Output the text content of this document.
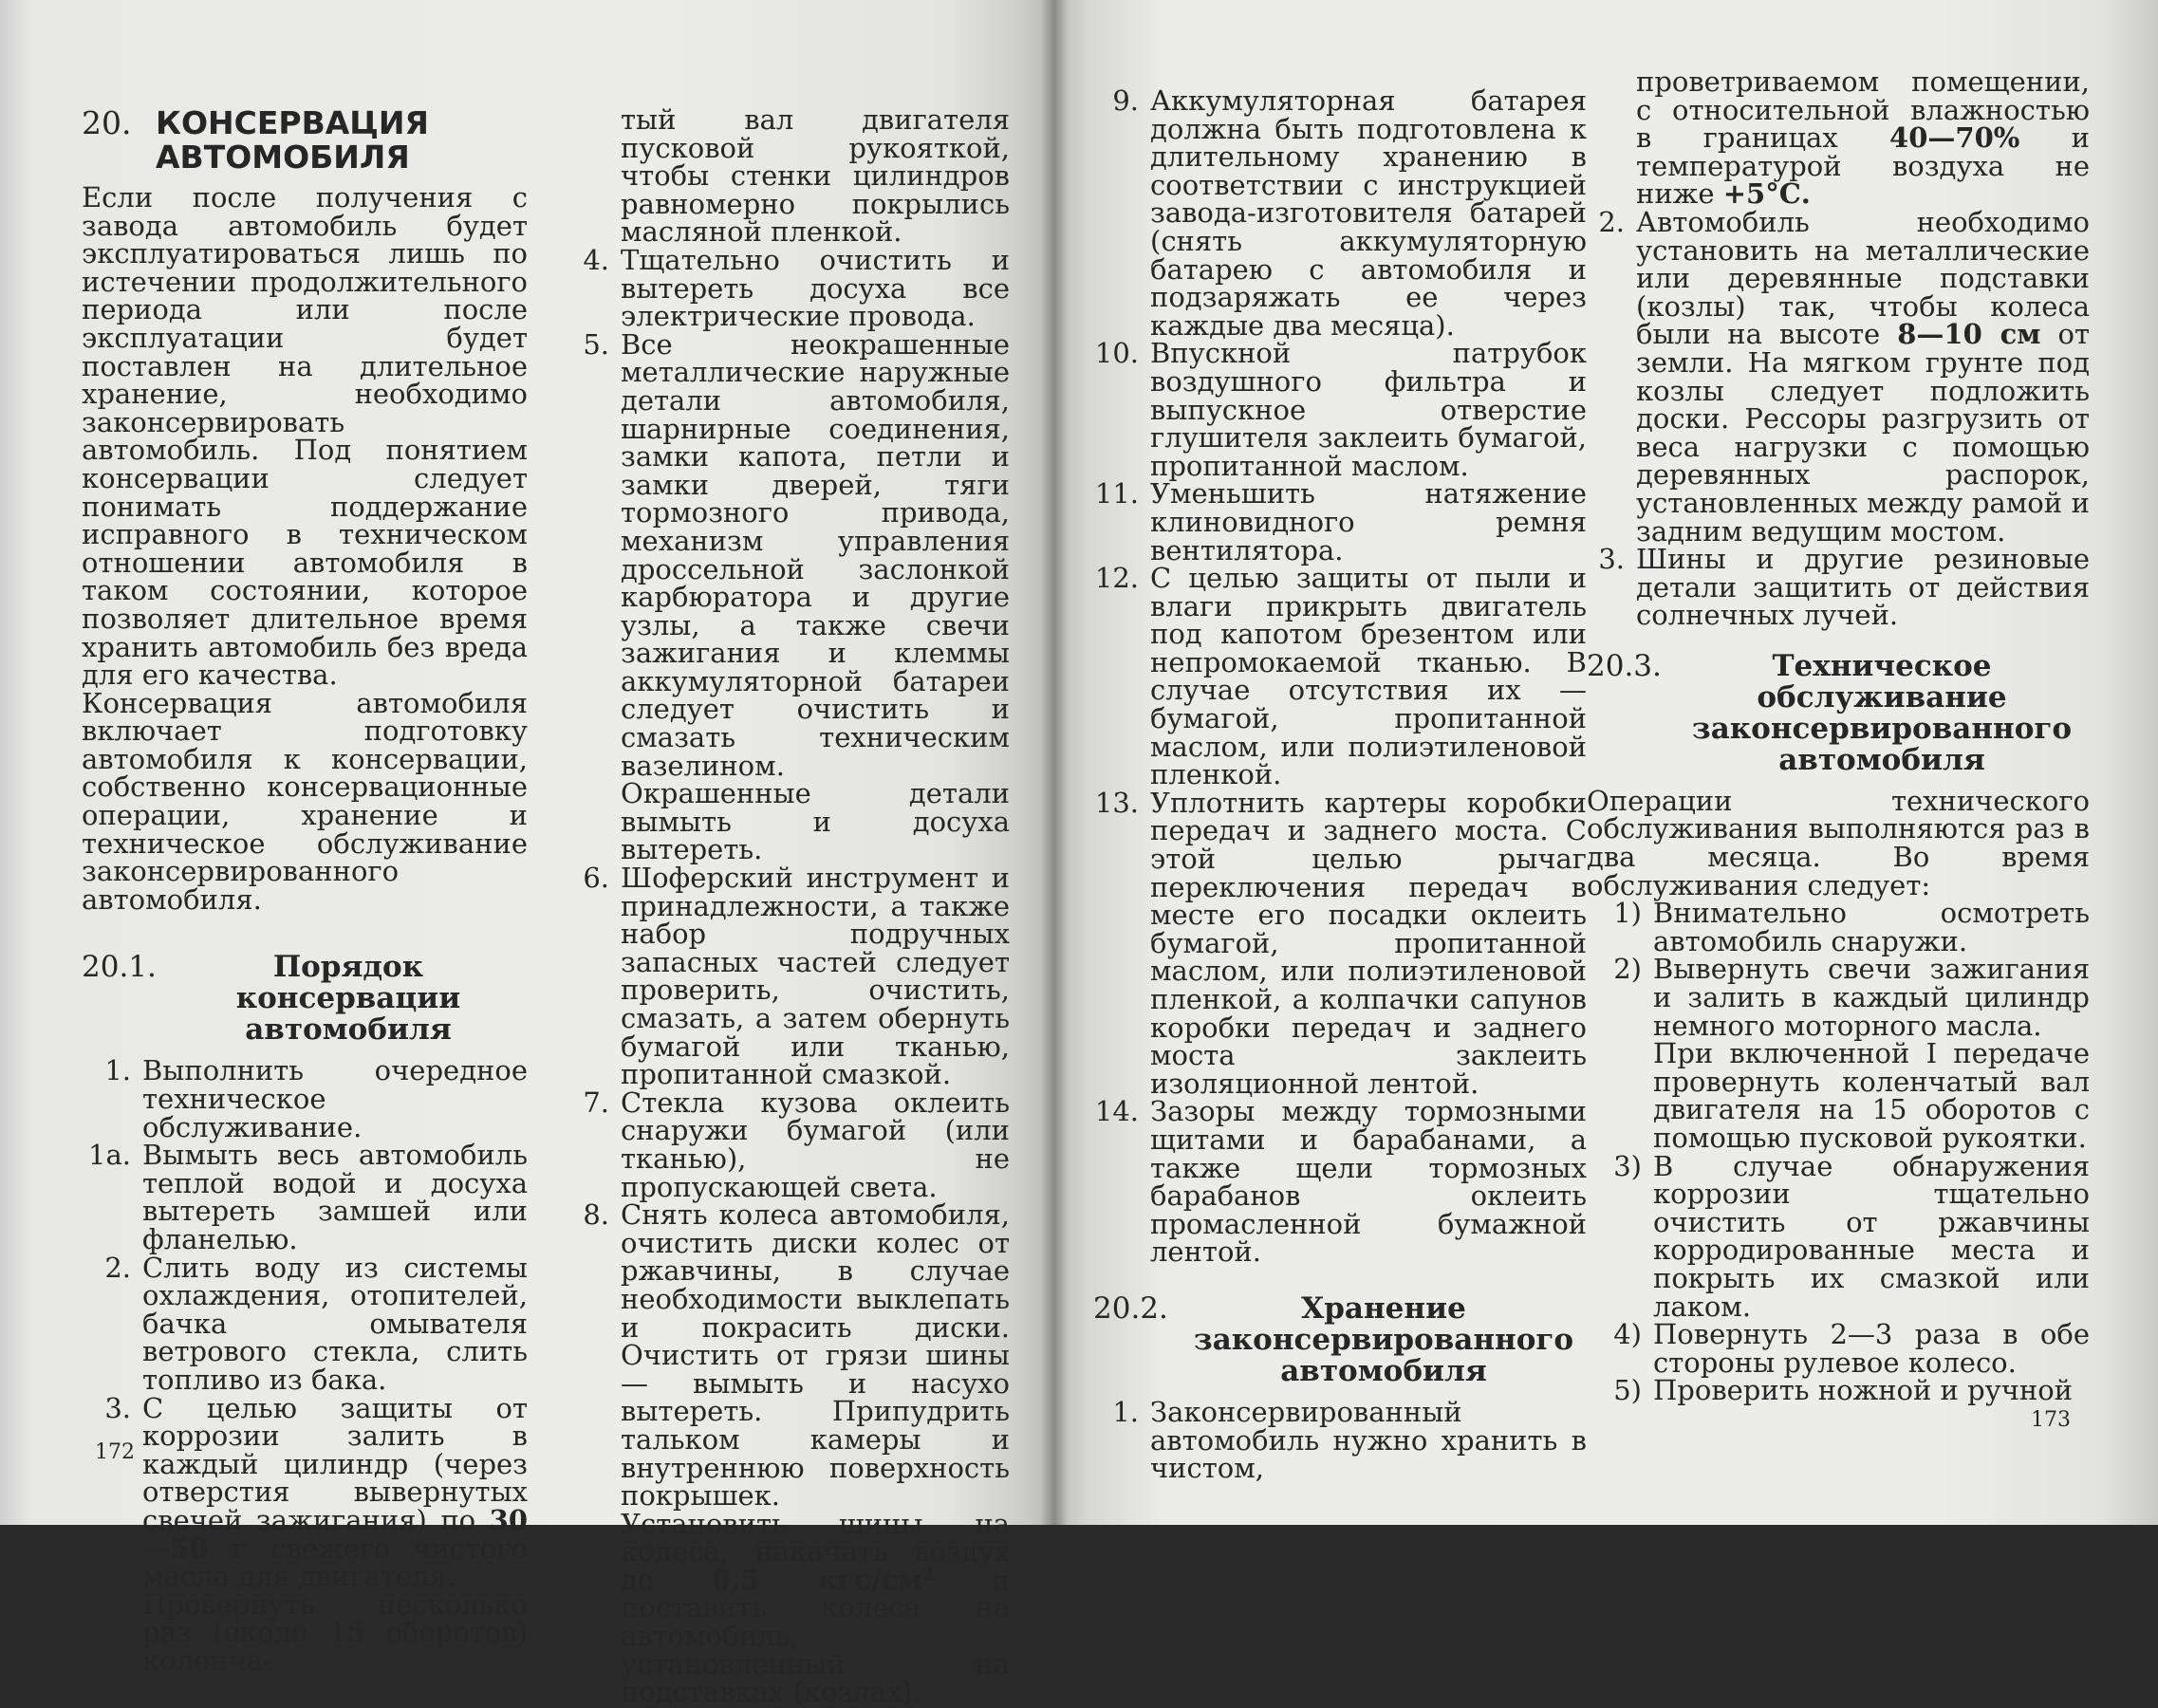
20. КОНСЕРВАЦИЯ АВТОМОБИЛЯ

Если после получения с завода автомобиль будет эксплуатироваться лишь по истечении продолжительного периода или после эксплуатации будет поставлен на длительное хранение, необходимо законсервировать автомобиль. Под понятием консервации следует понимать поддержание исправного в техническом отношении автомобиля в таком состоянии, которое позволяет длительное время хранить автомобиль без вреда для его качества.

Консервация автомобиля включает подготовку автомобиля к консервации, собственно консервационные операции, хранение и техническое обслуживание законсервированного автомобиля.

20.1.	Порядок консервации автомобиля
1. Выполнить очередное техническое обслуживание.
1а. Вымыть весь автомобиль теплой водой и досуха вытереть замшей или фланелью.
2. Слить воду из системы охлаждения, отопителей, бачка омывателя ветрового стекла, слить топливо из бака.
3. С целью защиты от коррозии залить в каждый цилиндр (через отверстия вывернутых свечей зажигания) по 30—50 г свежего чистого масла для двигателя.

Провернуть несколько раз (около 15 оборотов) коленча-

тый вал двигателя пусковой рукояткой, чтобы стенки цилиндров равномерно покрылись масляной пленкой.

4. Тщательно очистить и вытереть досуха все электрические провода.
5. Все неокрашенные металлические наружные детали автомобиля, шарнирные соединения, замки капота, петли и замки дверей, тяги тормозного привода, механизм управления дроссельной заслонкой карбюратора и другие узлы, а также свечи зажигания и клеммы аккумуляторной батареи следует очистить и смазать техническим вазелином.

Окрашенные детали вымыть и досуха вытереть.

6. Шоферский инструмент и принадлежности, а также набор подручных запасных частей следует проверить, очистить, смазать, а затем обернуть бумагой или тканью, пропитанной смазкой.
7. Стекла кузова оклеить снаружи бумагой (или тканью), не пропускающей света.
8. Снять колеса автомобиля, очистить диски колес от ржавчины, в случае необходимости выклепать и покрасить диски. Очистить от грязи шины — вымыть и насухо вытереть. Припудрить тальком камеры и внутреннюю поверхность покрышек.

Установить шины на колеса, накачать воздух до 0,5 кгс/см² и поставить колеса на автомобиль, установленный на подставках (козлах).

172
9. Аккумуляторная батарея должна быть подготовлена к длительному хранению в соответствии с инструкцией завода-изготовителя батарей (снять аккумуляторную батарею с автомобиля и подзаряжать ее через каждые два месяца).
10. Впускной патрубок воздушного фильтра и выпускное отверстие глушителя заклеить бумагой, пропитанной маслом.
11. Уменьшить натяжение клиновидного ремня вентилятора.
12. С целью защиты от пыли и влаги прикрыть двигатель под капотом брезентом или непромокаемой тканью. В случае отсутствия их — бумагой, пропитанной маслом, или полиэтиленовой пленкой.
13. Уплотнить картеры коробки передач и заднего моста. С этой целью рычаг переключения передач в месте его посадки оклеить бумагой, пропитанной маслом, или полиэтиленовой пленкой, а колпачки сапунов коробки передач и заднего моста заклеить изоляционной лентой.
14. Зазоры между тормозными щитами и барабанами, а также щели тормозных барабанов оклеить промасленной бумажной лентой.
20.2.	Хранение законсервированного автомобиля
1. Законсервированный автомобиль нужно хранить в чистом,

проветриваемом помещении, с относительной влажностью в границах 40—70% и температурой воздуха не ниже +5°С.

2. Автомобиль необходимо установить на металлические или деревянные подставки (козлы) так, чтобы колеса были на высоте 8—10 см от земли. На мягком грунте под козлы следует подложить доски. Рессоры разгрузить от веса нагрузки с помощью деревянных распорок, установленных между рамой и задним ведущим мостом.
3. Шины и другие резиновые детали защитить от действия солнечных лучей.
20.3.	Техническое обслуживание законсервированного автомобиля

Операции технического обслуживания выполняются раз в два месяца. Во время обслуживания следует:

1) Внимательно осмотреть автомобиль снаружи.
2) Вывернуть свечи зажигания и залить в каждый цилиндр немного моторного масла.

При включенной I передаче провернуть коленчатый вал двигателя на 15 оборотов с помощью пусковой рукоятки.

3) В случае обнаружения коррозии тщательно очистить от ржавчины корродированные места и покрыть их смазкой или лаком.
4) Повернуть 2—3 раза в обе стороны рулевое колесо.
5) Проверить ножной и ручной
173
